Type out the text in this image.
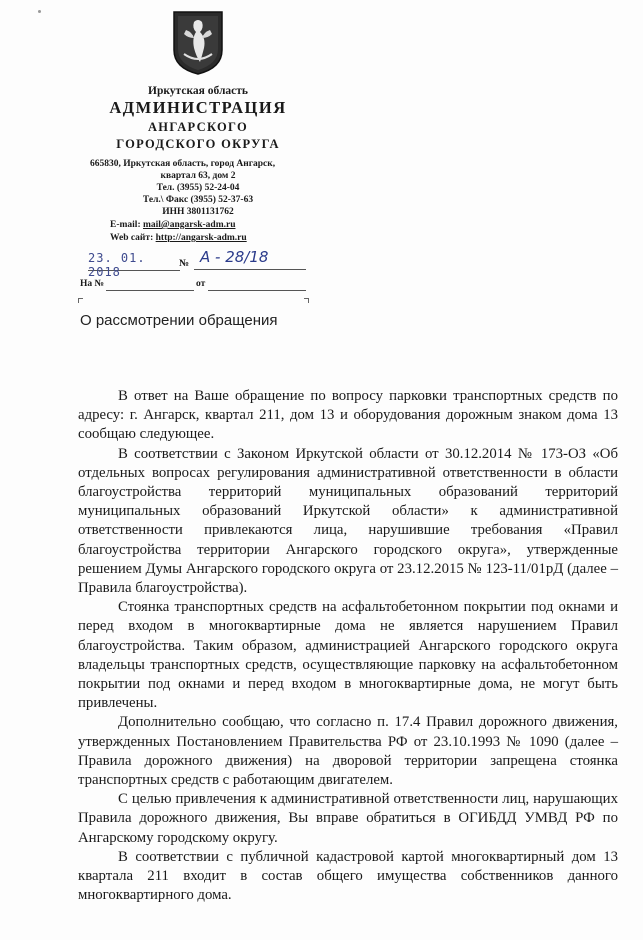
Иркутская область
АДМИНИСТРАЦИЯ
АНГАРСКОГО
ГОРОДСКОГО ОКРУГА
665830, Иркутская область, город Ангарск,
квартал 63, дом 2
Тел. (3955) 52-24-04
Тел.\ Факс (3955) 52-37-63
ИНН 3801131762
E-mail: mail@angarsk-adm.ru
Web сайт: http://angarsk-adm.ru
23. 01. 2018
№ А - 28/18
На №	от
О рассмотрении обращения

В ответ на Ваше обращение по вопросу парковки транспортных средств по адресу: г. Ангарск, квартал 211, дом 13 и оборудования дорожным знаком дома 13 сообщаю следующее.

В соответствии с Законом Иркутской области от 30.12.2014 № 173-ОЗ «Об отдельных вопросах регулирования административной ответственности в области благоустройства территорий муниципальных образований территорий муниципальных образований Иркутской области» к административной ответственности привлекаются лица, нарушившие требования «Правил благоустройства территории Ангарского городского округа», утвержденные решением Думы Ангарского городского округа от 23.12.2015 № 123-11/01рД (далее – Правила благоустройства).

Стоянка транспортных средств на асфальтобетонном покрытии под окнами и перед входом в многоквартирные дома не является нарушением Правил благоустройства. Таким образом, администрацией Ангарского городского округа владельцы транспортных средств, осуществляющие парковку на асфальтобетонном покрытии под окнами и перед входом в многоквартирные дома, не могут быть привлечены.

Дополнительно сообщаю, что согласно п. 17.4 Правил дорожного движения, утвержденных Постановлением Правительства РФ от 23.10.1993 № 1090 (далее – Правила дорожного движения) на дворовой территории запрещена стоянка транспортных средств с работающим двигателем.

С целью привлечения к административной ответственности лиц, нарушающих Правила дорожного движения, Вы вправе обратиться в ОГИБДД УМВД РФ по Ангарскому городскому округу.

В соответствии с публичной кадастровой картой многоквартирный дом 13 квартала 211 входит в состав общего имущества собственников данного многоквартирного дома.
